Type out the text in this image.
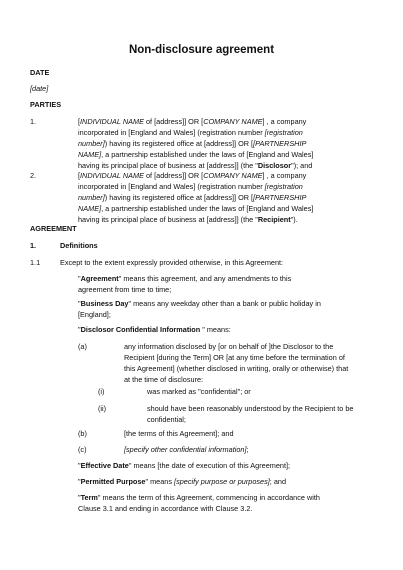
Non-disclosure agreement
DATE
[date]
PARTIES
1.	[INDIVIDUAL NAME of [address]] OR [COMPANY NAME] , a company
incorporated in [England and Wales] (registration number [registration
number]) having its registered office at [address]] OR [[PARTNERSHIP
NAME], a partnership established under the laws of [England and Wales]
having its principal place of business at [address]] (the "Disclosor"); and
2.	[INDIVIDUAL NAME of [address]] OR [COMPANY NAME] , a company
incorporated in [England and Wales] (registration number [registration
number]) having its registered office at [address]] OR [[PARTNERSHIP
NAME], a partnership established under the laws of [England and Wales]
having its principal place of business at [address]] (the "Recipient").
AGREEMENT
1.	Definitions
1.1	Except to the extent expressly provided otherwise, in this Agreement:
"Agreement" means this agreement, and any amendments to this
agreement from time to time;
"Business Day" means any weekday other than a bank or public holiday in
[England];
"Disclosor Confidential Information " means:
(a)	any information disclosed by [or on behalf of ]the Disclosor to the
Recipient [during the Term] OR [at any time before the termination of
this Agreement] (whether disclosed in writing, orally or otherwise) that
at the time of disclosure:
(i)	was marked as "confidential"; or
(ii)	should have been reasonably understood by the Recipient to be
confidential;
(b)	[the terms of this Agreement]; and
(c)	[specify other confidential information];
"Effective Date" means [the date of execution of this Agreement];
"Permitted Purpose" means [specify purpose or purposes]; and
"Term" means the term of this Agreement, commencing in accordance with
Clause 3.1 and ending in accordance with Clause 3.2.
